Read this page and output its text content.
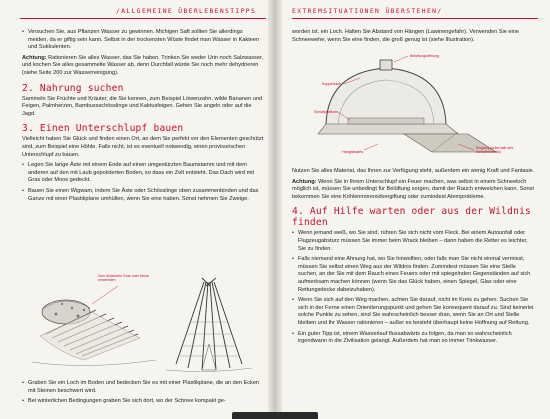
/ALLGEMEINE ÜBERLEBENSTIPPS

• Versuchen Sie, aus Pflanzen Wasser zu gewinnen. Michigen Saft sollten Sie allerdings meiden, da er giftig sein kann. Selbst in der trockensten Wüste findet man Wasser in Kakteen und Sukkulenten.

Achtung: Rationieren Sie alles Wasser, das Sie haben. Trinken Sie weder Urin noch Salzwasser, und kochen Sie alles gesammelte Wasser ab, denn Durchfall würde Sie noch mehr dehydrieren (siehe Seite 200 zur Wasserreinigung).

2. Nahrung suchen

Sammeln Sie Früchte und Kräuter, die Sie kennen, zum Beispiel Löwenzahn, wilde Bananen und Feigen, Palmherzen, Bambussschösslinge und Kaktusfeigen. Gehen Sie angeln oder auf die Jagd.

3. Einen Unterschlupf bauen

Vielleicht haben Sie Glück und finden einen Ort, an dem Sie perfekt vor den Elementen geschützt sind, zum Beispiel eine Höhle. Falls nicht, ist es eventuell notwendig, einen provisorischen Unterschlupf zu bauen.

• Legen Sie lange Äste mit einem Ende auf einen umgestürzten Baumstamm und mit dem anderen auf den mit Laub gepolsterten Boden, so dass ein Zelt entsteht. Das Dach wird mit Gras oder Moos gedeckt.

• Bauen Sie einen Wigwam, indem Sie Äste oder Schösslinge oben zusammenbinden und das Ganze mit einer Plastikplane umhüllen, wenn Sie eine haben. Sonst nehmen Sie Zweige.

Zum Abdecken Gras oder Moos verwenden

• Graben Sie ein Loch im Boden und bedecken Sie es mit einer Plastikplane, die an den Ecken mit Steinen beschwert wird.

• Bei winterlichen Bedingungen graben Sie sich dort, wo der Schnee kompakt ge-

EXTREMSITUATIONEN ÜBERSTEHEN/

worden ist, ein Loch. Halten Sie Abstand von Hängen (Lawinengefahr). Verwenden Sie eine Schneewehe, wenn Sie eine finden, die groß genug ist (siehe Illustration).

Belüftungsöffnung
Kuppeldach
Schlafplattform
Eingang (unterhalb des Schlafbereichs)
Hangabwärts

Nutzen Sie alles Material, das Ihnen zur Verfügung steht, außerdem ein wenig Kraft und Fantasie.

Achtung: Wenn Sie in Ihrem Unterschlupf ein Feuer machen, was selbst in einem Schneeloch möglich ist, müssen Sie unbedingt für Belüftung sorgen, damit der Rauch entweichen kann. Sonst bekommen Sie eine Kohlenmonoxidvergiftung oder zumindest Atemprobleme.

4. Auf Hilfe warten oder aus der Wildnis finden

• Wenn jemand weiß, wo Sie sind, rühren Sie sich nicht vom Fleck. Bei einem Autounfall oder Flugzeugabsturz müssen Sie immer beim Wrack bleiben – dann haben die Retter es leichter, Sie zu finden.

• Falls niemand eine Ahnung hat, wo Sie hinwollten, oder falls man Sie nicht einmal vermisst, müssen Sie selbst einen Weg aus der Wildnis finden. Zumindest müssen Sie eine Stelle suchen, an der Sie mit dem Rauch eines Feuers oder mit spiegelnden Gegenständen auf sich aufmerksam machen können (wenn Sie das Glück haben, einen Spiegel, Glas oder eine Rettungsdecke dabeizuhaben).

• Wenn Sie sich auf den Weg machen, achten Sie darauf, nicht im Kreis zu gehen. Suchen Sie sich in der Ferne einen Orientierungspunkt und gehen Sie konsequent darauf zu. Sind keinerlei solche Punkte zu sehen, sind Sie wahrscheinlich besser dran, wenn Sie an Ort und Stelle bleiben und Ihr Wasser rationieren – außer es besteht überhaupt keine Hoffnung auf Rettung.

• Ein guter Tipp ist, einem Wasserlauf flussabwärts zu folgen, da man so wahrscheinlich irgendwann in die Zivilisation gelangt. Außerdem hat man so immer Trinkwasser.
